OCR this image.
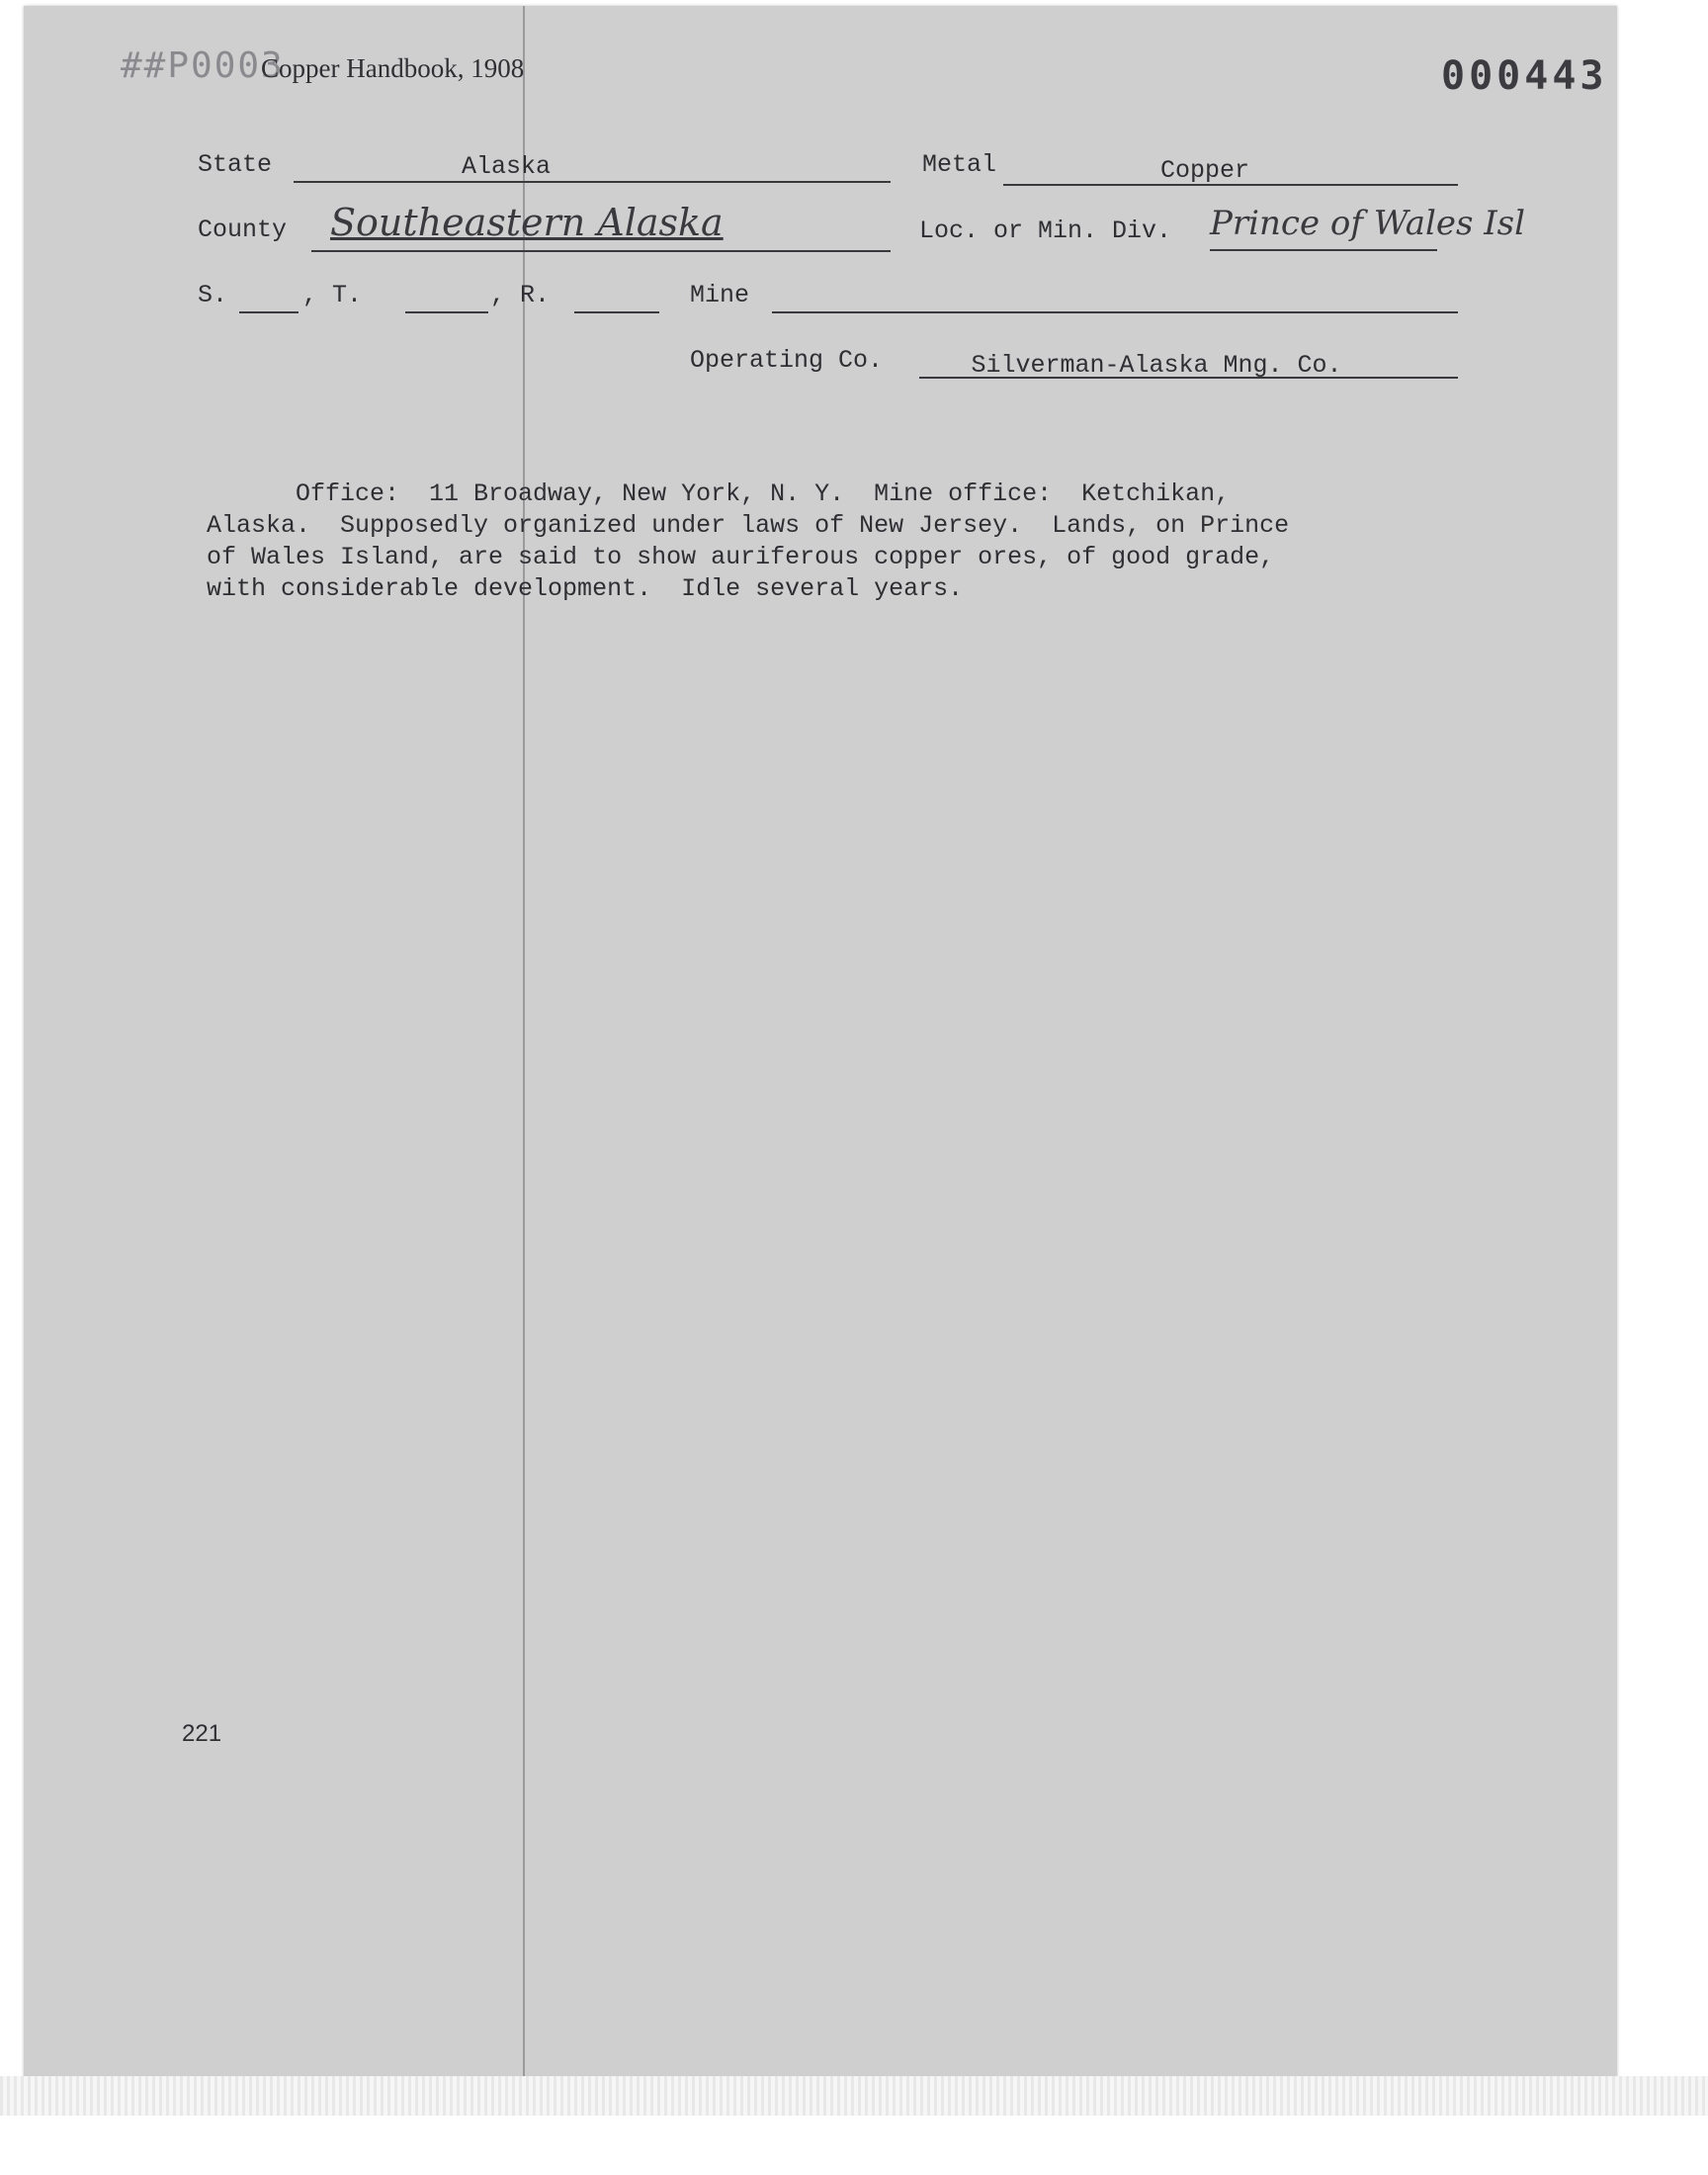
##P0003
Copper Handbook, 1908	000443
State	Alaska	Metal	Copper
County Southeastern Alaska	Loc. or Min. Div. Prince of Wales Isl
S.	, T.	, R.	Mine
Operating Co.	Silverman-Alaska Mng. Co.
Office:  11 Broadway, New York, N. Y.  Mine office:  Ketchikan,
Alaska.  Supposedly organized under laws of New Jersey.  Lands, on Prince
of Wales Island, are said to show auriferous copper ores, of good grade,
with considerable development.  Idle several years.
221
